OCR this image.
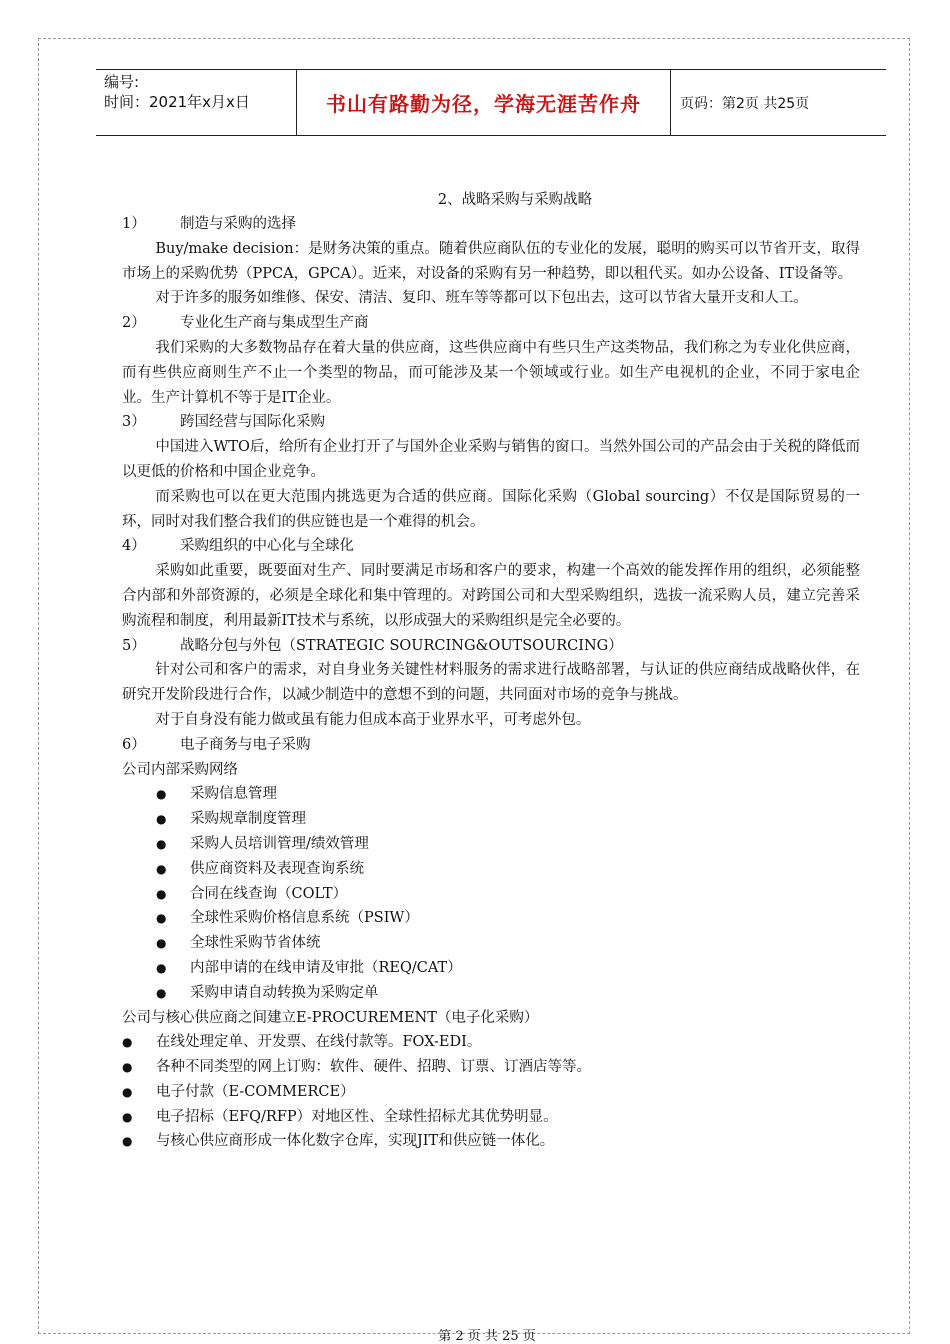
编号:
时间：2021年x月x日	书山有路勤为径，学海无涯苦作舟	页码：第2页 共25页

2、战略采购与采购战略

1）	制造与采购的选择

Buy/make decision：是财务决策的重点。随着供应商队伍的专业化的发展，聪明的购买可以节省开支，取得市场上的采购优势（PPCA，GPCA）。近来，对设备的采购有另一种趋势，即以租代买。如办公设备、IT设备等。

对于许多的服务如维修、保安、清洁、复印、班车等等都可以下包出去，这可以节省大量开支和人工。

2）	专业化生产商与集成型生产商

我们采购的大多数物品存在着大量的供应商，这些供应商中有些只生产这类物品，我们称之为专业化供应商，而有些供应商则生产不止一个类型的物品，而可能涉及某一个领域或行业。如生产电视机的企业，不同于家电企业。生产计算机不等于是IT企业。

3）	跨国经营与国际化采购

中国进入WTO后，给所有企业打开了与国外企业采购与销售的窗口。当然外国公司的产品会由于关税的降低而以更低的价格和中国企业竞争。

而采购也可以在更大范围内挑选更为合适的供应商。国际化采购（Global sourcing）不仅是国际贸易的一环，同时对我们整合我们的供应链也是一个难得的机会。

4）	采购组织的中心化与全球化

采购如此重要，既要面对生产、同时要满足市场和客户的要求，构建一个高效的能发挥作用的组织，必须能整合内部和外部资源的，必须是全球化和集中管理的。对跨国公司和大型采购组织，选拔一流采购人员，建立完善采购流程和制度，利用最新IT技术与系统，以形成强大的采购组织是完全必要的。

5）	战略分包与外包（STRATEGIC SOURCING&OUTSOURCING）

针对公司和客户的需求，对自身业务关键性材料服务的需求进行战略部署，与认证的供应商结成战略伙伴，在研究开发阶段进行合作，以减少制造中的意想不到的问题，共同面对市场的竞争与挑战。

对于自身没有能力做或虽有能力但成本高于业界水平，可考虑外包。

6）	电子商务与电子采购

公司内部采购网络

●	采购信息管理
●	采购规章制度管理
●	采购人员培训管理/绩效管理
●	供应商资料及表现查询系统
●	合同在线查询（COLT）
●	全球性采购价格信息系统（PSIW）
●	全球性采购节省体统
●	内部申请的在线申请及审批（REQ/CAT）
●	采购申请自动转换为采购定单

公司与核心供应商之间建立E-PROCUREMENT（电子化采购）

●	在线处理定单、开发票、在线付款等。FOX-EDI。
●	各种不同类型的网上订购：软件、硬件、招聘、订票、订酒店等等。
●	电子付款（E-COMMERCE）
●	电子招标（EFQ/RFP）对地区性、全球性招标尤其优势明显。
●	与核心供应商形成一体化数字仓库，实现JIT和供应链一体化。
第 2 页 共 25 页
